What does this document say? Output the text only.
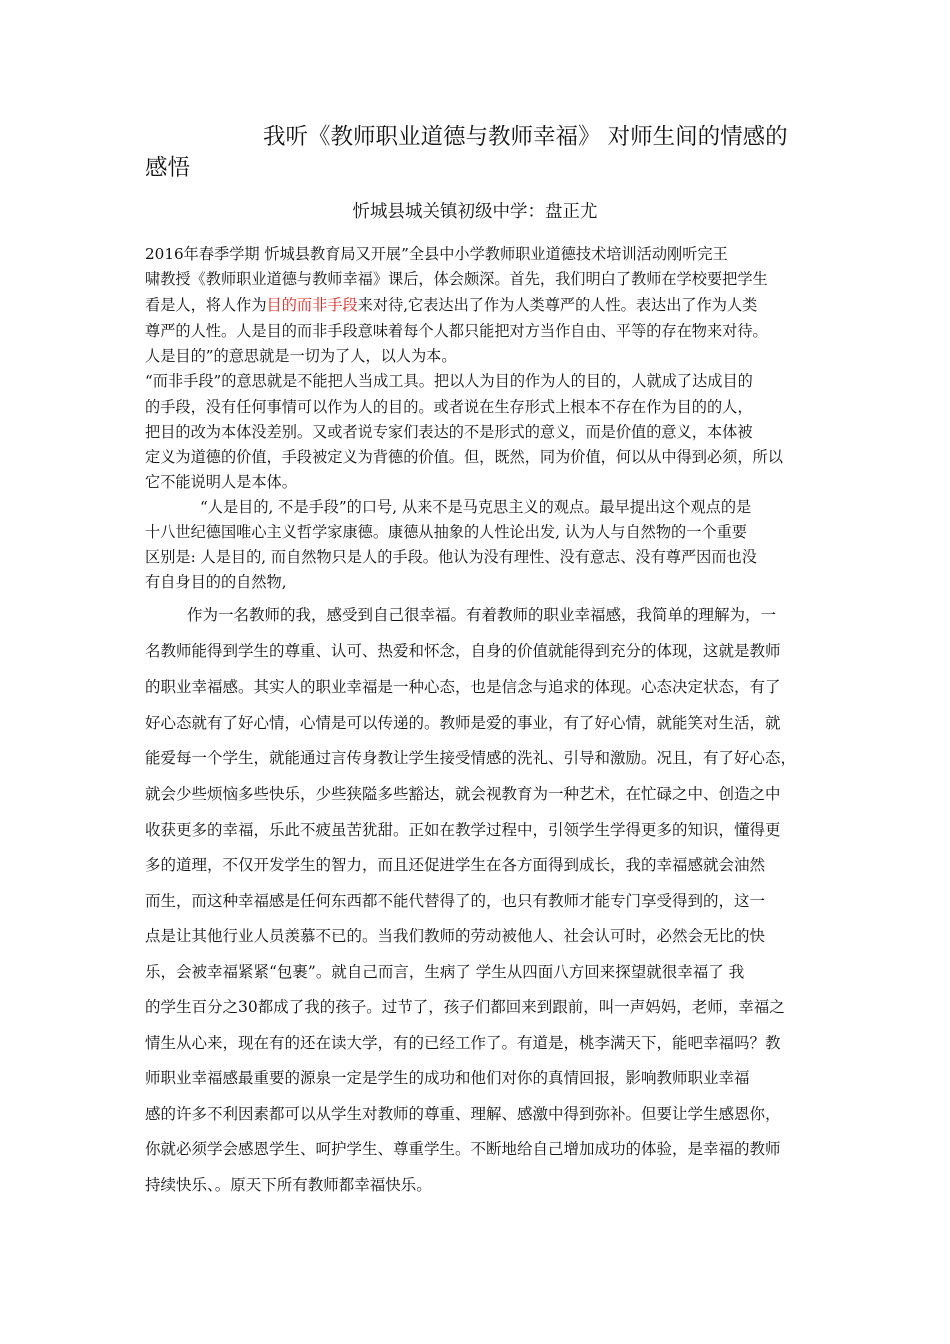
我听《教师职业道德与教师幸福》 对师生间的情感的
感悟

忻城县城关镇初级中学：盘正尤

2016年春季学期 忻城县教育局又开展”全县中小学教师职业道德技术培训活动刚听完王
啸教授《教师职业道德与教师幸福》课后，体会颇深。首先，我们明白了教师在学校要把学生
看是人，将人作为目的而非手段来对待,它表达出了作为人类尊严的人性。表达出了作为人类
尊严的人性。人是目的而非手段意味着每个人都只能把对方当作自由、平等的存在物来对待。
人是目的”的意思就是一切为了人，以人为本。
“而非手段”的意思就是不能把人当成工具。把以人为目的作为人的目的，人就成了达成目的
的手段，没有任何事情可以作为人的目的。或者说在生存形式上根本不存在作为目的的人，
把目的改为本体没差别。又或者说专家们表达的不是形式的意义，而是价值的意义，本体被
定义为道德的价值，手段被定义为背德的价值。但，既然，同为价值，何以从中得到必须，所以
它不能说明人是本体。
“人是目的, 不是手段”的口号, 从来不是马克思主义的观点。最早提出这个观点的是
十八世纪德国唯心主义哲学家康德。康德从抽象的人性论出发, 认为人与自然物的一个重要
区别是: 人是目的, 而自然物只是人的手段。他认为没有理性、没有意志、没有尊严因而也没
有自身目的的自然物,
作为一名教师的我，感受到自己很幸福。有着教师的职业幸福感，我简单的理解为，一
名教师能得到学生的尊重、认可、热爱和怀念，自身的价值就能得到充分的体现，这就是教师
的职业幸福感。其实人的职业幸福是一种心态，也是信念与追求的体现。心态决定状态，有了
好心态就有了好心情，心情是可以传递的。教师是爱的事业，有了好心情，就能笑对生活，就
能爱每一个学生，就能通过言传身教让学生接受情感的洗礼、引导和激励。况且，有了好心态，
就会少些烦恼多些快乐，少些狭隘多些豁达，就会视教育为一种艺术，在忙碌之中、创造之中
收获更多的幸福，乐此不疲虽苦犹甜。正如在教学过程中，引领学生学得更多的知识，懂得更
多的道理，不仅开发学生的智力，而且还促进学生在各方面得到成长，我的幸福感就会油然
而生，而这种幸福感是任何东西都不能代替得了的，也只有教师才能专门享受得到的，这一
点是让其他行业人员羡慕不已的。当我们教师的劳动被他人、社会认可时，必然会无比的快
乐，会被幸福紧紧“包裹”。就自己而言，生病了 学生从四面八方回来探望就很幸福了 我
的学生百分之30都成了我的孩子。过节了，孩子们都回来到跟前，叫一声妈妈，老师，幸福之
情生从心来，现在有的还在读大学，有的已经工作了。有道是，桃李满天下，能吧幸福吗？教
师职业幸福感最重要的源泉一定是学生的成功和他们对你的真情回报，影响教师职业幸福
感的许多不利因素都可以从学生对教师的尊重、理解、感激中得到弥补。但要让学生感恩你，
你就必须学会感恩学生、呵护学生、尊重学生。不断地给自己增加成功的体验，是幸福的教师
持续快乐、。原天下所有教师都幸福快乐。
